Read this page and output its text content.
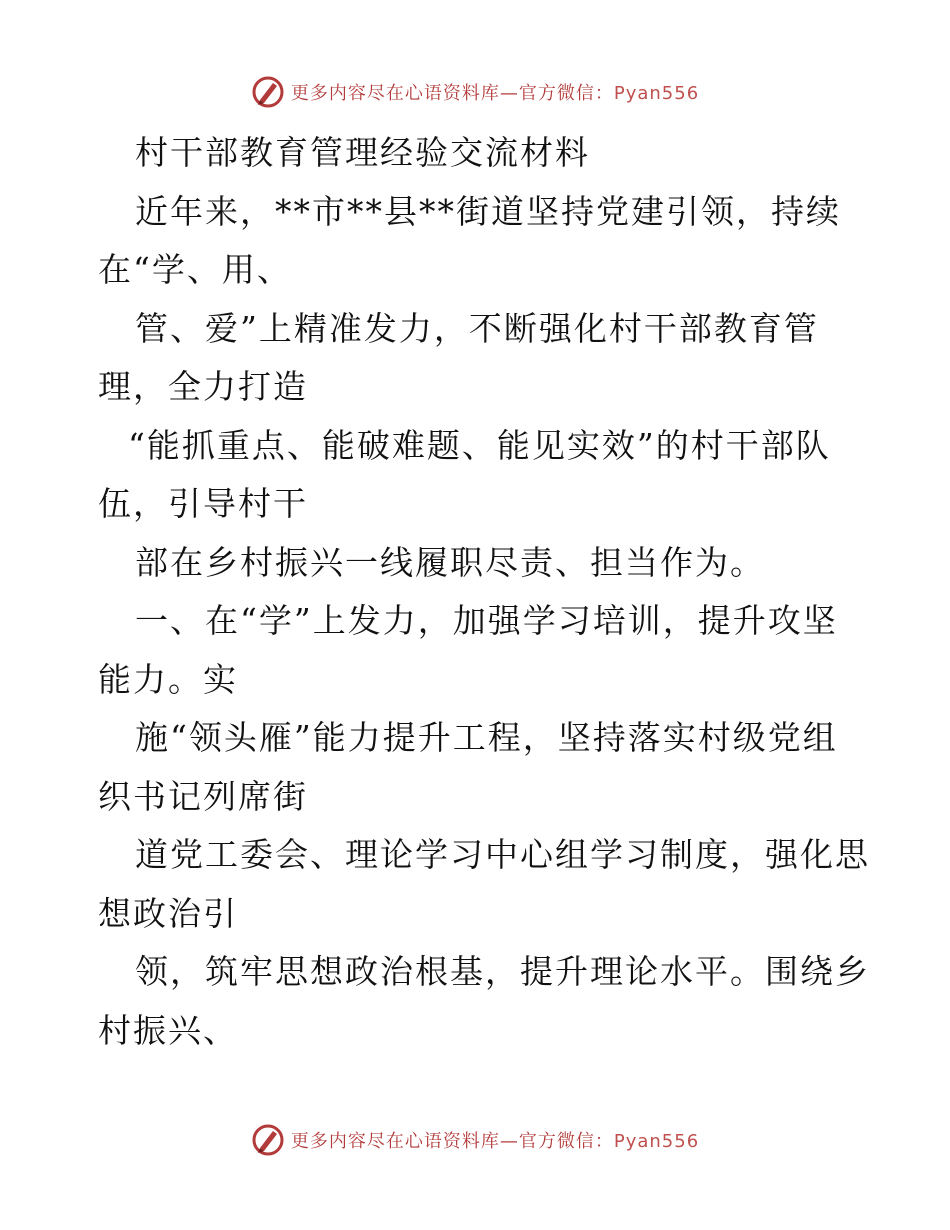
更多内容尽在心语资料库—官方微信：Pyan556
村干部教育管理经验交流材料
近年来，**市**县**街道坚持党建引领，持续
在“学、用、
管、爱”上精准发力，不断强化村干部教育管
理，全力打造
“能抓重点、能破难题、能见实效”的村干部队
伍，引导村干
部在乡村振兴一线履职尽责、担当作为。
一、在“学”上发力，加强学习培训，提升攻坚
能力。实
施“领头雁”能力提升工程，坚持落实村级党组
织书记列席街
道党工委会、理论学习中心组学习制度，强化思
想政治引
领，筑牢思想政治根基，提升理论水平。围绕乡
村振兴、
更多内容尽在心语资料库—官方微信：Pyan556
